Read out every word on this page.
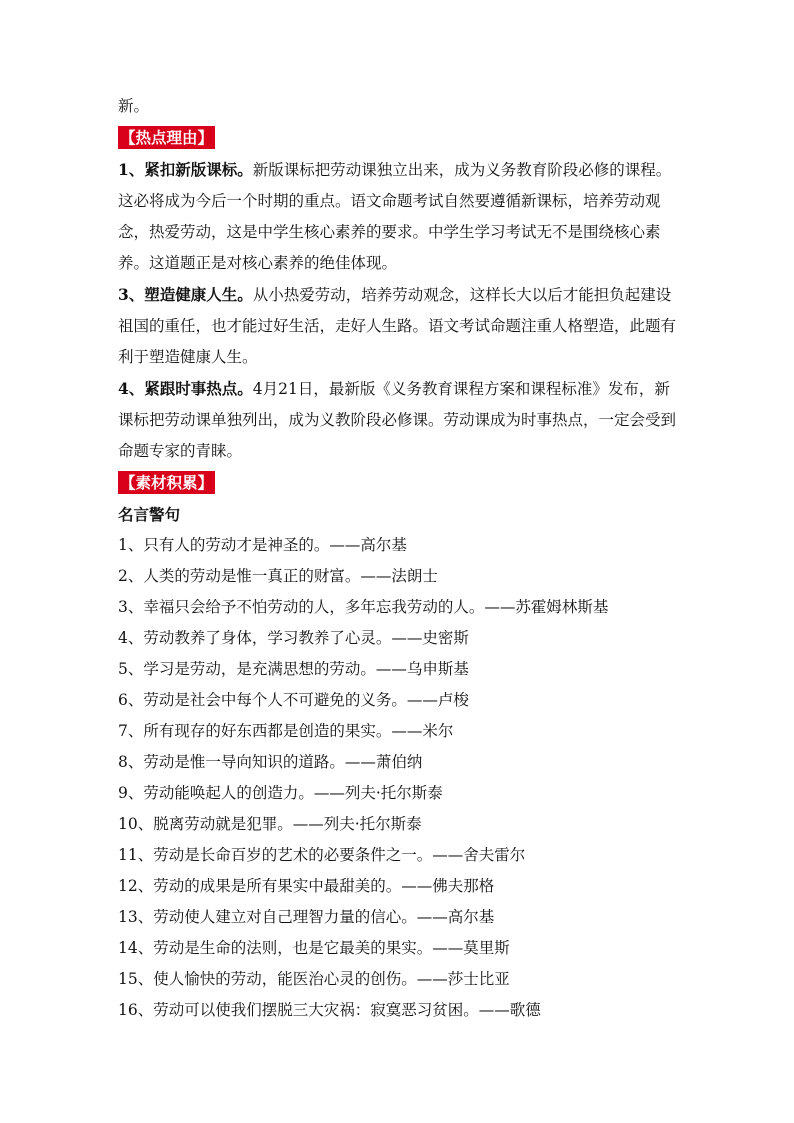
新。
【热点理由】
1、紧扣新版课标。新版课标把劳动课独立出来，成为义务教育阶段必修的课程。这必将成为今后一个时期的重点。语文命题考试自然要遵循新课标，培养劳动观念，热爱劳动，这是中学生核心素养的要求。中学生学习考试无不是围绕核心素养。这道题正是对核心素养的绝佳体现。
3、塑造健康人生。从小热爱劳动，培养劳动观念，这样长大以后才能担负起建设祖国的重任，也才能过好生活，走好人生路。语文考试命题注重人格塑造，此题有利于塑造健康人生。
4、紧跟时事热点。4月21日，最新版《义务教育课程方案和课程标准》发布，新课标把劳动课单独列出，成为义教阶段必修课。劳动课成为时事热点，一定会受到命题专家的青睐。
【素材积累】
名言警句
1、只有人的劳动才是神圣的。——高尔基
2、人类的劳动是惟一真正的财富。——法朗士
3、幸福只会给予不怕劳动的人，多年忘我劳动的人。——苏霍姆林斯基
4、劳动教养了身体，学习教养了心灵。——史密斯
5、学习是劳动，是充满思想的劳动。——乌申斯基
6、劳动是社会中每个人不可避免的义务。——卢梭
7、所有现存的好东西都是创造的果实。——米尔
8、劳动是惟一导向知识的道路。——萧伯纳
9、劳动能唤起人的创造力。——列夫·托尔斯泰
10、脱离劳动就是犯罪。——列夫·托尔斯泰
11、劳动是长命百岁的艺术的必要条件之一。——舍夫雷尔
12、劳动的成果是所有果实中最甜美的。——佛夫那格
13、劳动使人建立对自己理智力量的信心。——高尔基
14、劳动是生命的法则，也是它最美的果实。——莫里斯
15、使人愉快的劳动，能医治心灵的创伤。——莎士比亚
16、劳动可以使我们摆脱三大灾祸：寂寞恶习贫困。——歌德
